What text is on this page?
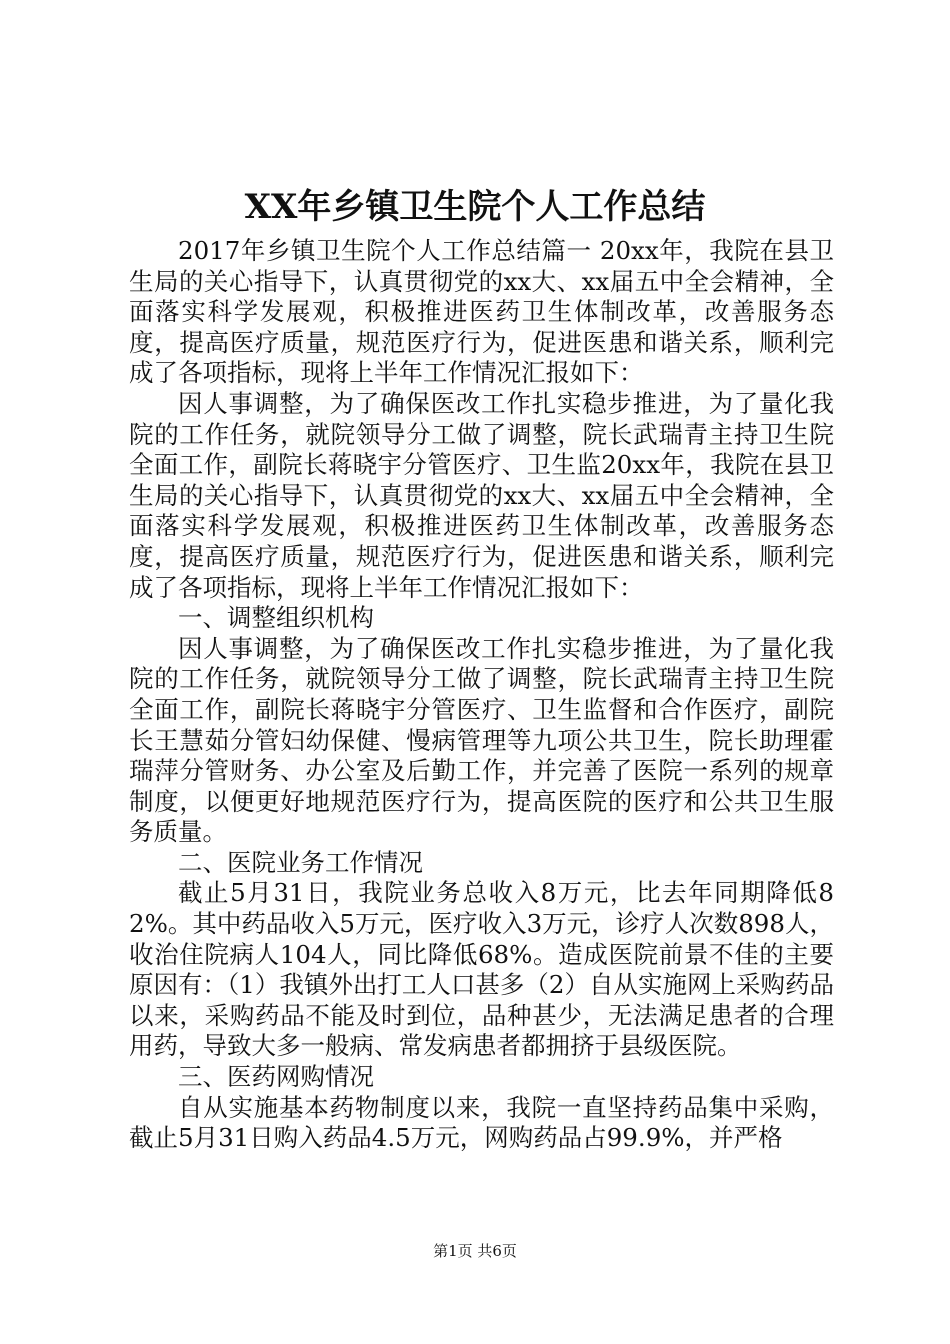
XX年乡镇卫生院个人工作总结

2017年乡镇卫生院个人工作总结篇一 20xx年，我院在县卫生局的关心指导下，认真贯彻党的xx大、xx届五中全会精神，全面落实科学发展观，积极推进医药卫生体制改革，改善服务态度，提高医疗质量，规范医疗行为，促进医患和谐关系，顺利完成了各项指标，现将上半年工作情况汇报如下：

因人事调整，为了确保医改工作扎实稳步推进，为了量化我院的工作任务，就院领导分工做了调整，院长武瑞青主持卫生院全面工作，副院长蒋晓宇分管医疗、卫生监20xx年，我院在县卫生局的关心指导下，认真贯彻党的xx大、xx届五中全会精神，全面落实科学发展观，积极推进医药卫生体制改革，改善服务态度，提高医疗质量，规范医疗行为，促进医患和谐关系，顺利完成了各项指标，现将上半年工作情况汇报如下：

一、调整组织机构

因人事调整，为了确保医改工作扎实稳步推进，为了量化我院的工作任务，就院领导分工做了调整，院长武瑞青主持卫生院全面工作，副院长蒋晓宇分管医疗、卫生监督和合作医疗，副院长王慧茹分管妇幼保健、慢病管理等九项公共卫生，院长助理霍瑞萍分管财务、办公室及后勤工作，并完善了医院一系列的规章制度，以便更好地规范医疗行为，提高医院的医疗和公共卫生服务质量。

二、医院业务工作情况

截止5月31日，我院业务总收入8万元，比去年同期降低82%。其中药品收入5万元，医疗收入3万元，诊疗人次数898人，收治住院病人104人，同比降低68%。造成医院前景不佳的主要原因有：（1）我镇外出打工人口甚多（2）自从实施网上采购药品以来，采购药品不能及时到位，品种甚少，无法满足患者的合理用药，导致大多一般病、常发病患者都拥挤于县级医院。

三、医药网购情况

自从实施基本药物制度以来，我院一直坚持药品集中采购，截止5月31日购入药品4.5万元，网购药品占99.9%，并严格

第1页 共6页
